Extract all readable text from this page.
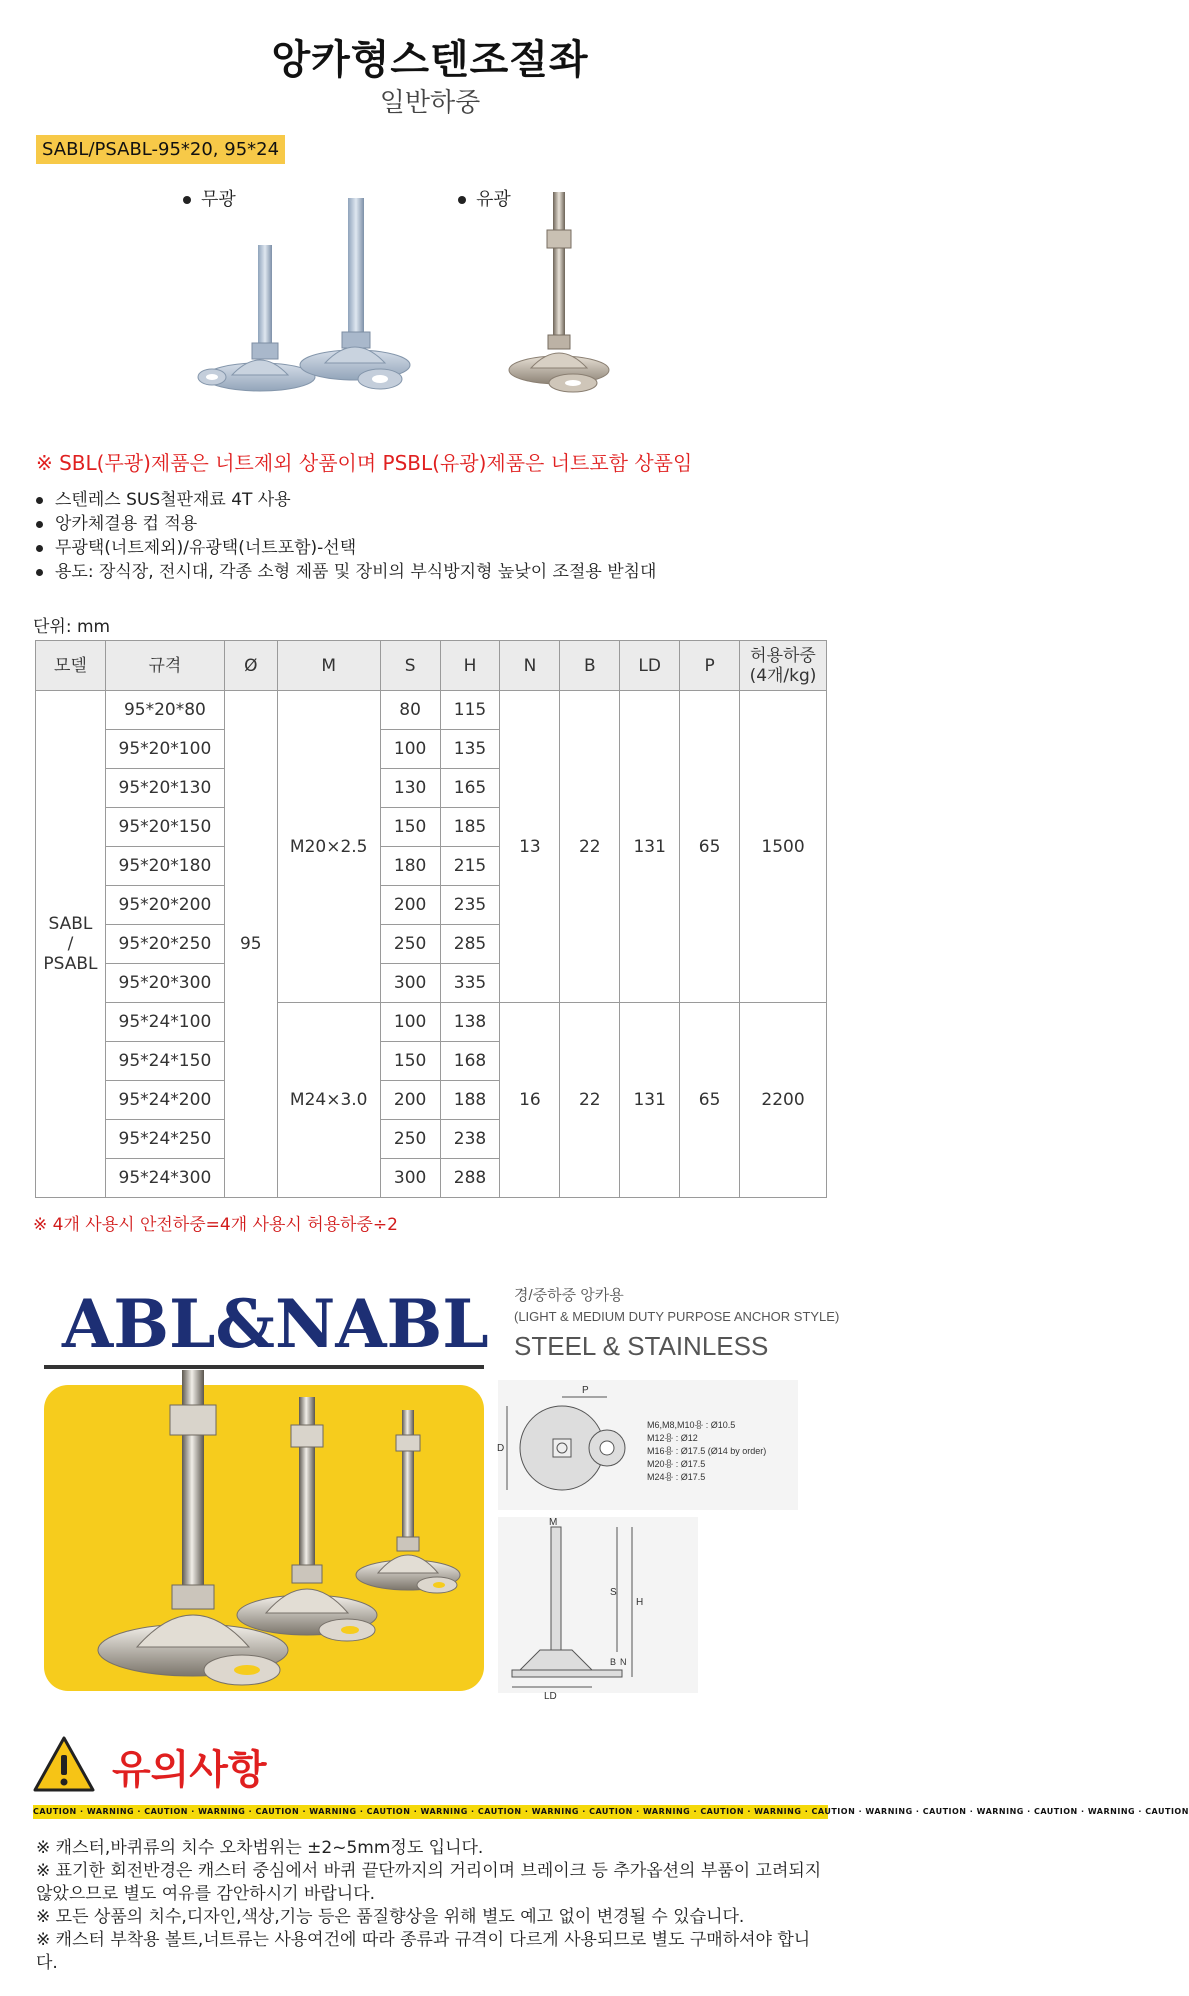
앙카형스텐조절좌
일반하중
SABL/PSABL-95*20, 95*24
무광	유광
※ SBL(무광)제품은 너트제외 상품이며 PSBL(유광)제품은 너트포함 상품임
스텐레스 SUS철판재료 4T 사용
앙카체결용 컵 적용
무광택(너트제외)/유광택(너트포함)-선택
용도: 장식장, 전시대, 각종 소형 제품 및 장비의 부식방지형 높낮이 조절용 받침대
단위: mm
모델	규격	Ø	M	S	H	N	B	LD	P	허용하중
(4개/kg)
SABL
/
PSABL	95*20*80	95	M20×2.5	80	115	13	22	131	65	1500
	95*20*100			100	135					
	95*20*130			130	165					
	95*20*150			150	185					
	95*20*180			180	215					
	95*20*200			200	235					
	95*20*250			250	285					
	95*20*300			300	335					
	95*24*100		M24×3.0	100	138	16	22	131	65	2200
	95*24*150			150	168					
	95*24*200			200	188					
	95*24*250			250	238					
	95*24*300			300	288					
※ 4개 사용시 안전하중=4개 사용시 허용하중÷2
ABL&NABL 경/중하중 앙카용
(LIGHT & MEDIUM DUTY PURPOSE ANCHOR STYLE)
STEEL & STAINLESS
P
D
M6,M8,M10용 : Ø10.5
M12용 : Ø12
M16용 : Ø17.5 (Ø14 by order)
M20용 : Ø17.5
M24용 : Ø17.5
M
S
H
B N
LD
유의사항
CAUTION · WARNING · CAUTION · WARNING · CAUTION · WARNING · CAUTION · WARNING · CAUTION · WARNING · CAUTION · WARNING · CAUTION · WARNING · CAUTION · WARNING · CAUTION · WARNING · CAUTION · WARNING · CAUTION
※ 캐스터,바퀴류의 치수 오차범위는 ±2~5mm정도 입니다.
※ 표기한 회전반경은 캐스터 중심에서 바퀴 끝단까지의 거리이며 브레이크 등 추가옵션의 부품이 고려되지 않았으므로 별도 여유를 감안하시기 바랍니다.
※ 모든 상품의 치수,디자인,색상,기능 등은 품질향상을 위해 별도 예고 없이 변경될 수 있습니다.
※ 캐스터 부착용 볼트,너트류는 사용여건에 따라 종류과 규격이 다르게 사용되므로 별도 구매하셔야 합니다.
